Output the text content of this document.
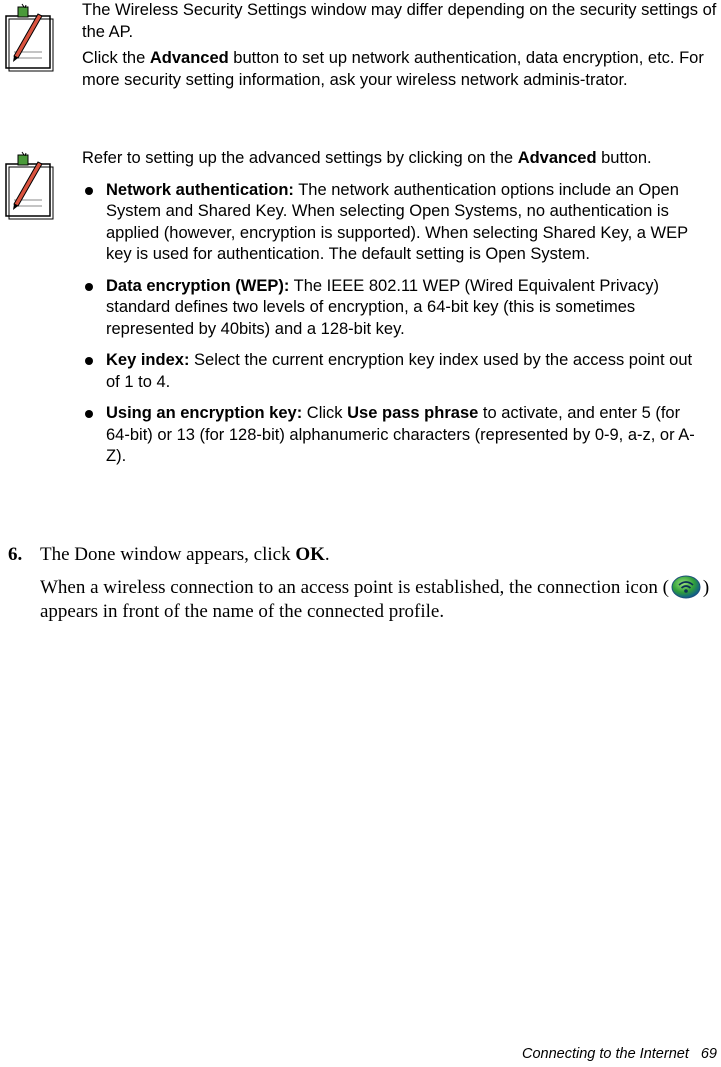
The Wireless Security Settings window may differ depending on the security settings of the AP.

Click the Advanced button to set up network authentication, data encryption, etc. For more security setting information, ask your wireless network adminis-trator.

Refer to setting up the advanced settings by clicking on the Advanced button.

Network authentication: The network authentication options include an Open System and Shared Key. When selecting Open Systems, no authentication is applied (however, encryption is supported). When selecting Shared Key, a WEP key is used for authentication. The default setting is Open System.
Data encryption (WEP): The IEEE 802.11 WEP (Wired Equivalent Privacy) standard defines two levels of encryption, a 64-bit key (this is sometimes represented by 40bits) and a 128-bit key.
Key index: Select the current encryption key index used by the access point out of 1 to 4.
Using an encryption key: Click Use pass phrase to activate, and enter 5 (for 64-bit) or 13 (for 128-bit) alphanumeric characters (represented by 0-9, a-z, or A-Z).

6. The Done window appears, click OK.

When a wireless connection to an access point is established, the connection icon ( ) appears in front of the name of the connected profile.

Connecting to the Internet 69
